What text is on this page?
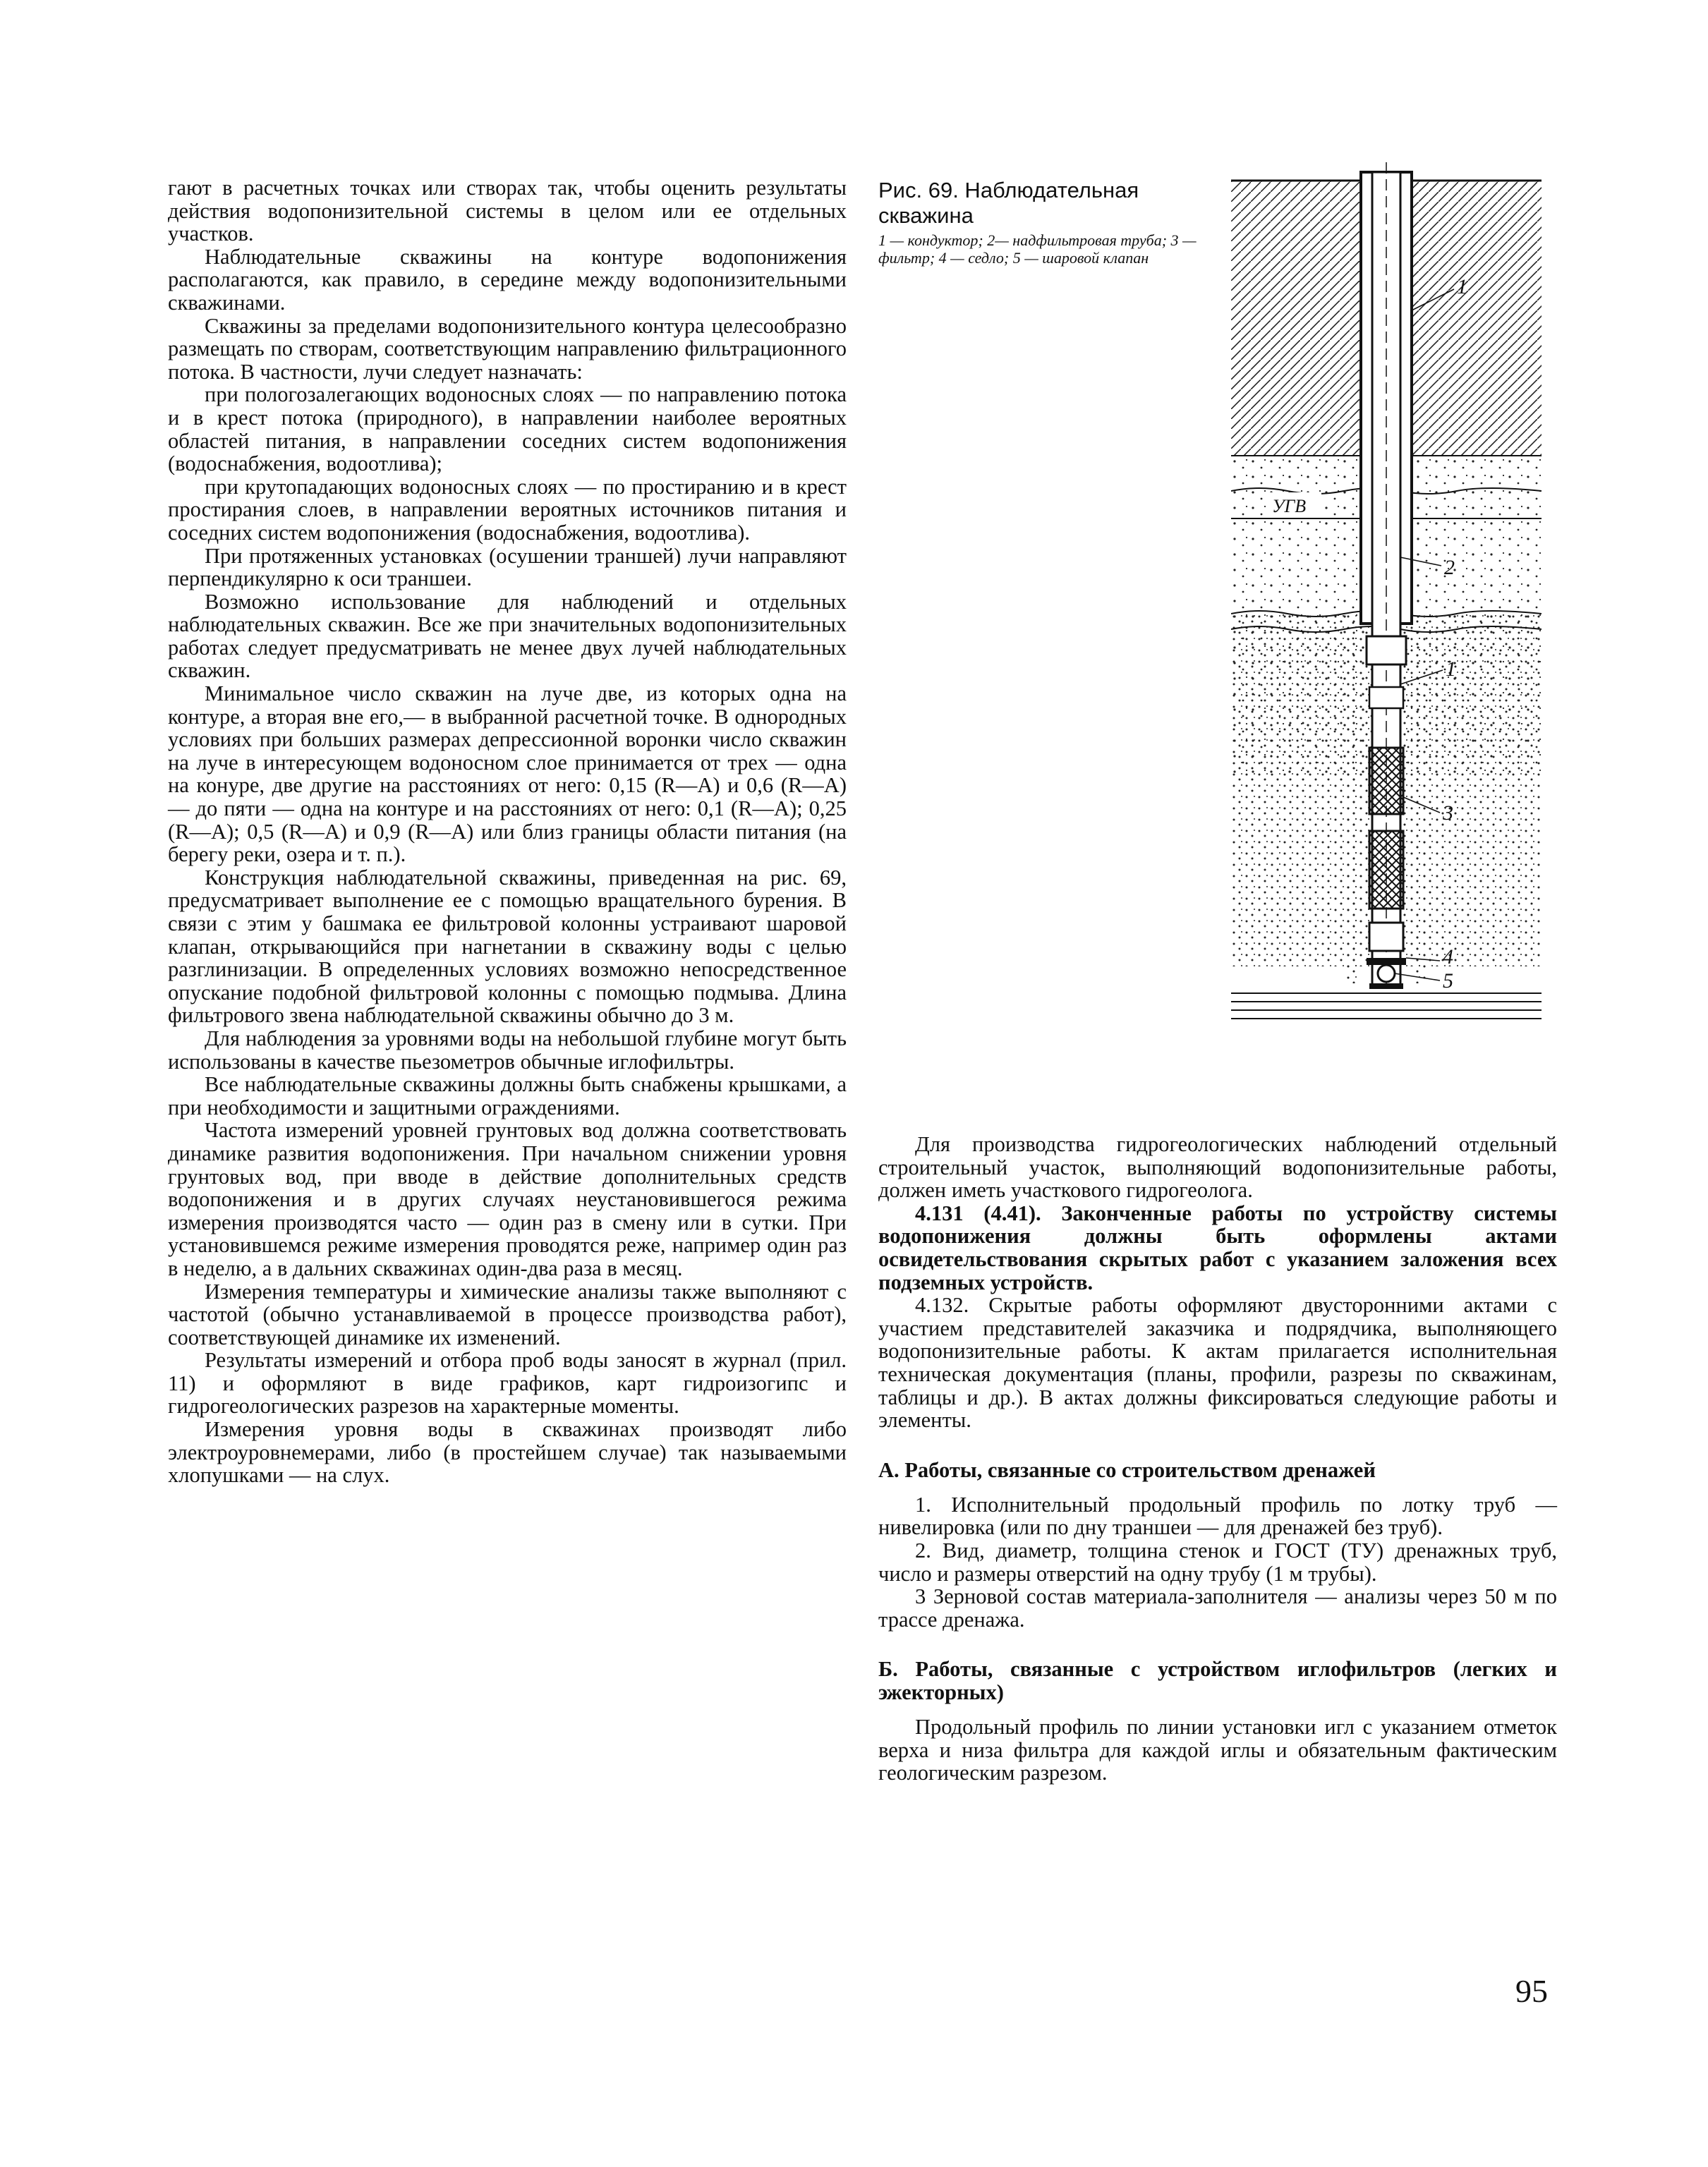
гают в расчетных точках или створах так, чтобы оценить результаты действия водопонизительной системы в целом или ее отдельных участков.

Наблюдательные скважины на контуре водопонижения располагаются, как правило, в середине между водопонизительными скважинами.

Скважины за пределами водопонизительного контура целесообразно размещать по створам, соответствующим направлению фильтрационного потока. В частности, лучи следует назначать:

при пологозалегающих водоносных слоях — по направлению потока и в крест потока (природного), в направлении наиболее вероятных областей питания, в направлении соседних систем водопонижения (водоснабжения, водоотлива);

при крутопадающих водоносных слоях — по простиранию и в крест простирания слоев, в направлении вероятных источников питания и соседних систем водопонижения (водоснабжения, водоотлива).

При протяженных установках (осушении траншей) лучи направляют перпендикулярно к оси траншеи.

Возможно использование для наблюдений и отдельных наблюдательных скважин. Все же при значительных водопонизительных работах следует предусматривать не менее двух лучей наблюдательных скважин.

Минимальное число скважин на луче две, из которых одна на контуре, а вторая вне его,— в выбранной расчетной точке. В однородных условиях при больших размерах депрессионной воронки число скважин на луче в интересующем водоносном слое принимается от трех — одна на конуре, две другие на расстояниях от него: 0,15 (R—A) и 0,6 (R—A) — до пяти — одна на контуре и на расстояниях от него: 0,1 (R—A); 0,25 (R—A); 0,5 (R—A) и 0,9 (R—A) или близ границы области питания (на берегу реки, озера и т. п.).

Конструкция наблюдательной скважины, приведенная на рис. 69, предусматривает выполнение ее с помощью вращательного бурения. В связи с этим у башмака ее фильтровой колонны устраивают шаровой клапан, открывающийся при нагнетании в скважину воды с целью разглинизации. В определенных условиях возможно непосредственное опускание подобной фильтровой колонны с помощью подмыва. Длина фильтрового звена наблюдательной скважины обычно до 3 м.

Для наблюдения за уровнями воды на небольшой глубине могут быть использованы в качестве пьезометров обычные иглофильтры.

Все наблюдательные скважины должны быть снабжены крышками, а при необходимости и защитными ограждениями.

Частота измерений уровней грунтовых вод должна соответствовать динамике развития водопонижения. При начальном снижении уровня грунтовых вод, при вводе в действие дополнительных средств водопонижения и в других случаях неустановившегося режима измерения производятся часто — один раз в смену или в сутки. При установившемся режиме измерения проводятся реже, например один раз в неделю, а в дальних скважинах один-два раза в месяц.

Измерения температуры и химические анализы также выполняют с частотой (обычно устанавливаемой в процессе производства работ), соответствующей динамике их изменений.

Результаты измерений и отбора проб воды заносят в журнал (прил. 11) и оформляют в виде графиков, карт гидроизогипс и гидрогеологических разрезов на характерные моменты.

Измерения уровня воды в скважинах производят либо электроуровнемерами, либо (в простейшем случае) так называемыми хлопушками — на слух.

Рис. 69. Наблюдательная скважина
1 — кондуктор; 2— надфильтровая труба; 3 — фильтр; 4 — седло; 5 — шаровой клапан
1
2
1
3
4
5
УГВ

Для производства гидрогеологических наблюдений отдельный строительный участок, выполняющий водопонизительные работы, должен иметь участкового гидрогеолога.

4.131 (4.41). Законченные работы по устройству системы водопонижения должны быть оформлены актами освидетельствования скрытых работ с указанием заложения всех подземных устройств.

4.132. Скрытые работы оформляют двусторонними актами с участием представителей заказчика и подрядчика, выполняющего водопонизительные работы. К актам прилагается исполнительная техническая документация (планы, профили, разрезы по скважинам, таблицы и др.). В актах должны фиксироваться следующие работы и элементы.

А. Работы, связанные со строительством дренажей

1. Исполнительный продольный профиль по лотку труб — нивелировка (или по дну траншеи — для дренажей без труб).

2. Вид, диаметр, толщина стенок и ГОСТ (ТУ) дренажных труб, число и размеры отверстий на одну трубу (1 м трубы).

3 Зерновой состав материала-заполнителя — анализы через 50 м по трассе дренажа.

Б. Работы, связанные с устройством иглофильтров (легких и эжекторных)

Продольный профиль по линии установки игл с указанием отметок верха и низа фильтра для каждой иглы и обязательным фактическим геологическим разрезом.

95
